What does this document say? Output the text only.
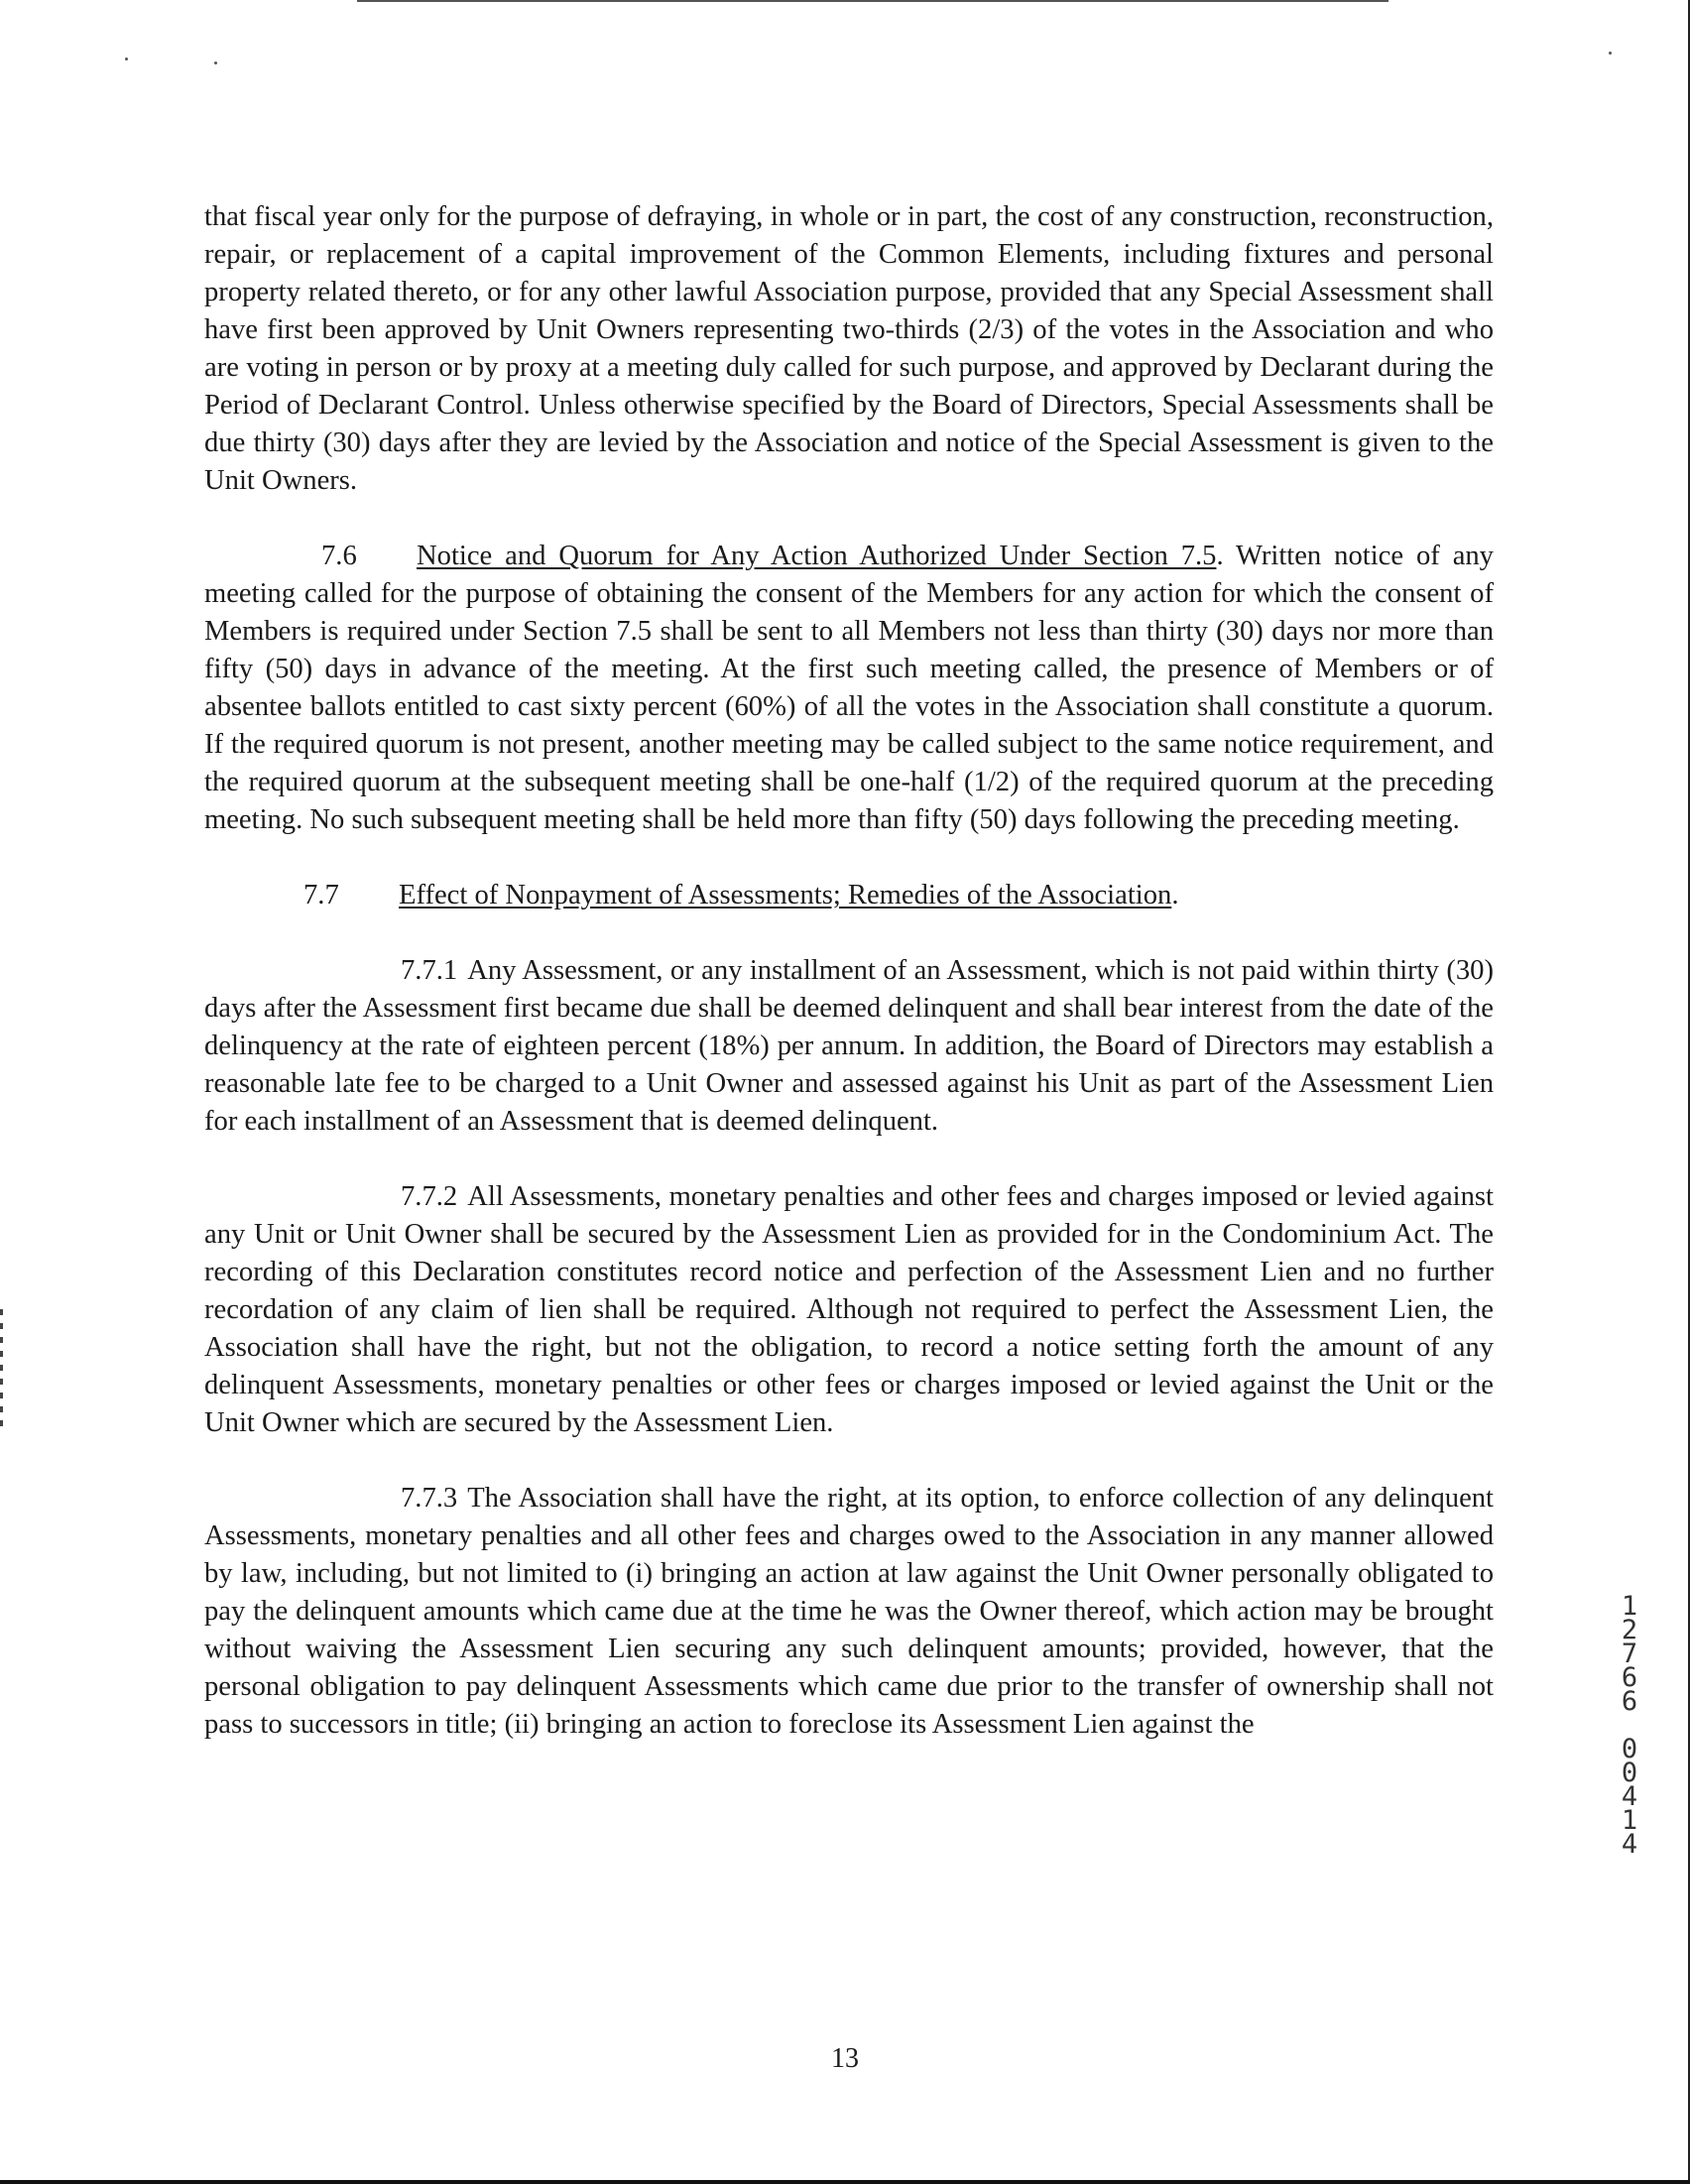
that fiscal year only for the purpose of defraying, in whole or in part, the cost of any construction, reconstruction, repair, or replacement of a capital improvement of the Common Elements, including fixtures and personal property related thereto, or for any other lawful Association purpose, provided that any Special Assessment shall have first been approved by Unit Owners representing two-thirds (2/3) of the votes in the Association and who are voting in person or by proxy at a meeting duly called for such purpose, and approved by Declarant during the Period of Declarant Control. Unless otherwise specified by the Board of Directors, Special Assessments shall be due thirty (30) days after they are levied by the Association and notice of the Special Assessment is given to the Unit Owners.

7.6 Notice and Quorum for Any Action Authorized Under Section 7.5. Written notice of any meeting called for the purpose of obtaining the consent of the Members for any action for which the consent of Members is required under Section 7.5 shall be sent to all Members not less than thirty (30) days nor more than fifty (50) days in advance of the meeting. At the first such meeting called, the presence of Members or of absentee ballots entitled to cast sixty percent (60%) of all the votes in the Association shall constitute a quorum. If the required quorum is not present, another meeting may be called subject to the same notice requirement, and the required quorum at the subsequent meeting shall be one-half (1/2) of the required quorum at the preceding meeting. No such subsequent meeting shall be held more than fifty (50) days following the preceding meeting.

7.7 Effect of Nonpayment of Assessments; Remedies of the Association.

7.7.1 Any Assessment, or any installment of an Assessment, which is not paid within thirty (30) days after the Assessment first became due shall be deemed delinquent and shall bear interest from the date of the delinquency at the rate of eighteen percent (18%) per annum. In addition, the Board of Directors may establish a reasonable late fee to be charged to a Unit Owner and assessed against his Unit as part of the Assessment Lien for each installment of an Assessment that is deemed delinquent.

7.7.2 All Assessments, monetary penalties and other fees and charges imposed or levied against any Unit or Unit Owner shall be secured by the Assessment Lien as provided for in the Condominium Act. The recording of this Declaration constitutes record notice and perfection of the Assessment Lien and no further recordation of any claim of lien shall be required. Although not required to perfect the Assessment Lien, the Association shall have the right, but not the obligation, to record a notice setting forth the amount of any delinquent Assessments, monetary penalties or other fees or charges imposed or levied against the Unit or the Unit Owner which are secured by the Assessment Lien.

7.7.3 The Association shall have the right, at its option, to enforce collection of any delinquent Assessments, monetary penalties and all other fees and charges owed to the Association in any manner allowed by law, including, but not limited to (i) bringing an action at law against the Unit Owner personally obligated to pay the delinquent amounts which came due at the time he was the Owner thereof, which action may be brought without waiving the Assessment Lien securing any such delinquent amounts; provided, however, that the personal obligation to pay delinquent Assessments which came due prior to the transfer of ownership shall not pass to successors in title; (ii) bringing an action to foreclose its Assessment Lien against the

13
1
2
7
6
6
0
0
4
1
4
